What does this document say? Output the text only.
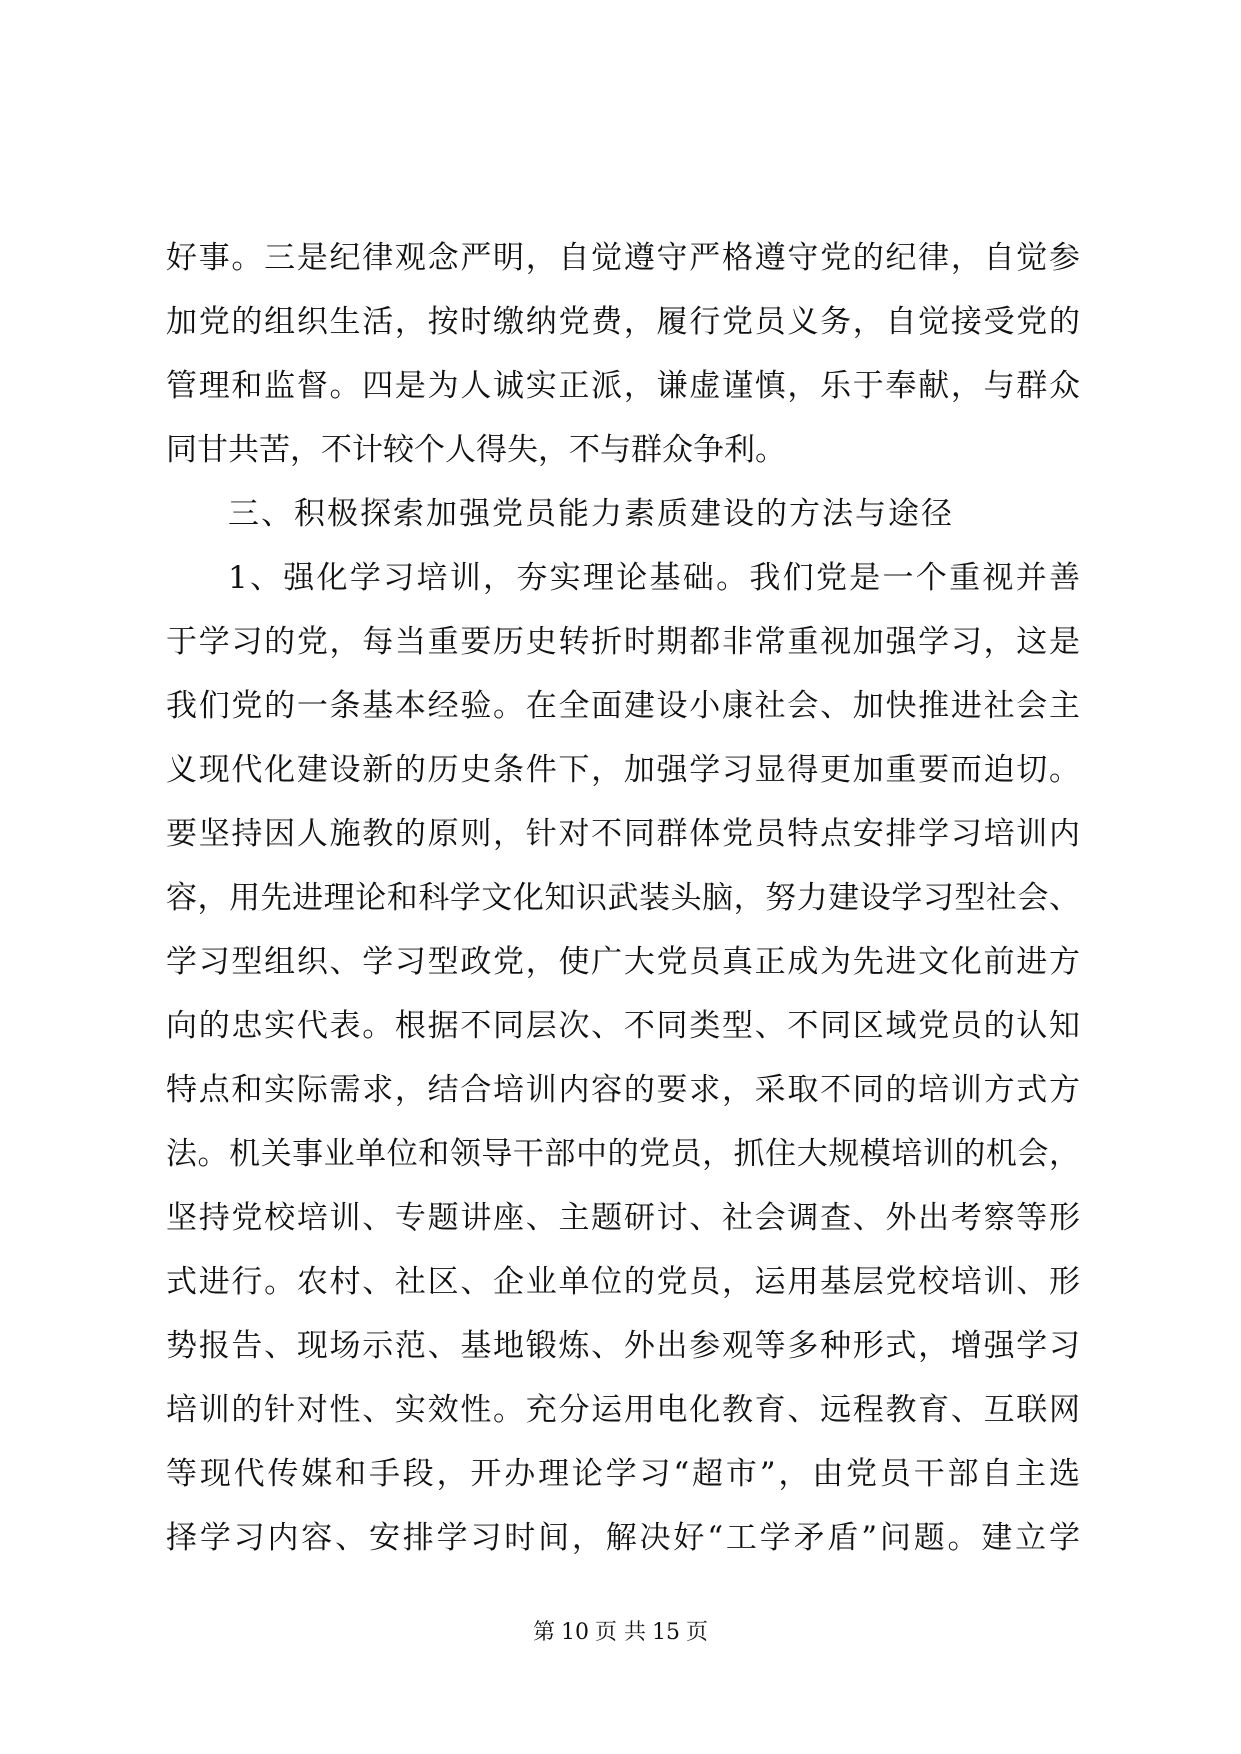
好事。三是纪律观念严明，自觉遵守严格遵守党的纪律，自觉参
加党的组织生活，按时缴纳党费，履行党员义务，自觉接受党的
管理和监督。四是为人诚实正派，谦虚谨慎，乐于奉献，与群众
同甘共苦，不计较个人得失，不与群众争利。
三、积极探索加强党员能力素质建设的方法与途径
1、强化学习培训，夯实理论基础。我们党是一个重视并善
于学习的党，每当重要历史转折时期都非常重视加强学习，这是
我们党的一条基本经验。在全面建设小康社会、加快推进社会主
义现代化建设新的历史条件下，加强学习显得更加重要而迫切。
要坚持因人施教的原则，针对不同群体党员特点安排学习培训内
容，用先进理论和科学文化知识武装头脑，努力建设学习型社会、
学习型组织、学习型政党，使广大党员真正成为先进文化前进方
向的忠实代表。根据不同层次、不同类型、不同区域党员的认知
特点和实际需求，结合培训内容的要求，采取不同的培训方式方
法。机关事业单位和领导干部中的党员，抓住大规模培训的机会，
坚持党校培训、专题讲座、主题研讨、社会调查、外出考察等形
式进行。农村、社区、企业单位的党员，运用基层党校培训、形
势报告、现场示范、基地锻炼、外出参观等多种形式，增强学习
培训的针对性、实效性。充分运用电化教育、远程教育、互联网
等现代传媒和手段，开办理论学习“超市”，由党员干部自主选
择学习内容、安排学习时间，解决好“工学矛盾”问题。建立学
第 10 页 共 15 页
